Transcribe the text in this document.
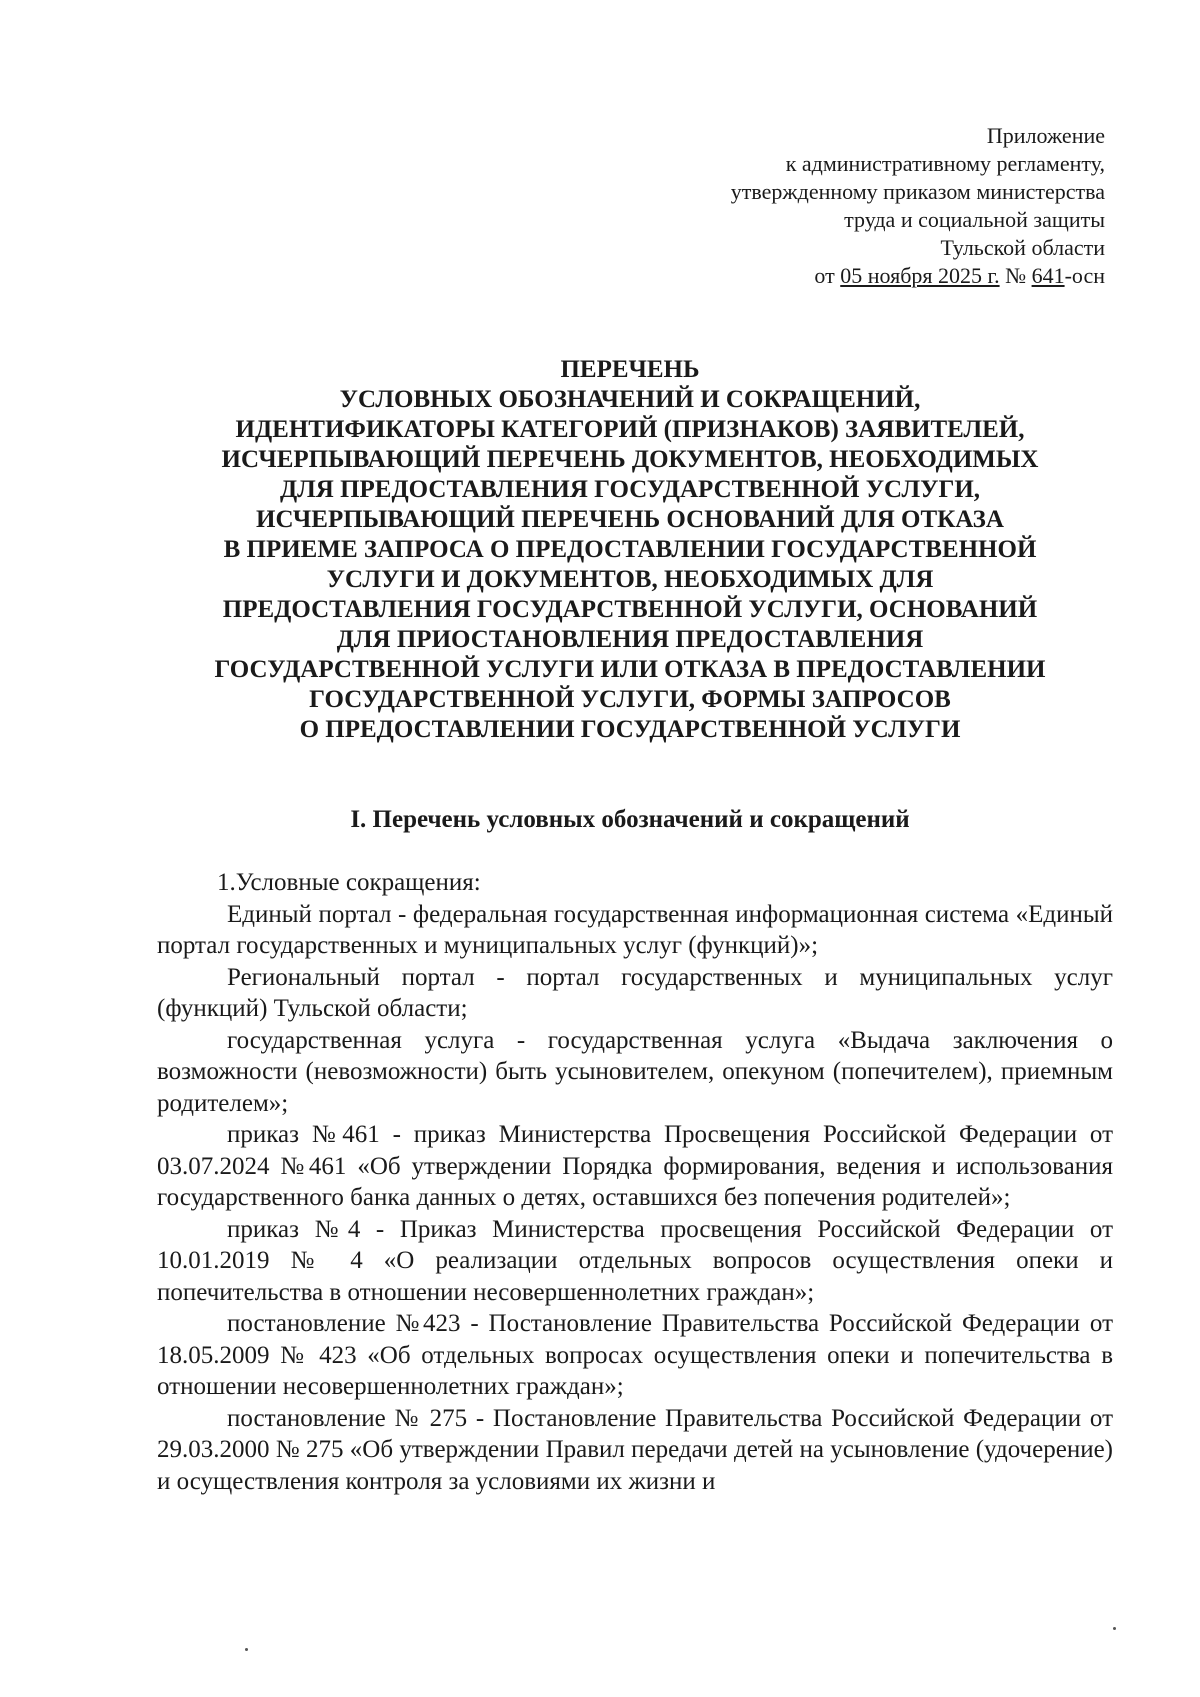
Приложение
к административному регламенту,
утвержденному приказом министерства
труда и социальной защиты
Тульской области
от 05 ноября 2025 г. № 641-осн
ПЕРЕЧЕНЬ
УСЛОВНЫХ ОБОЗНАЧЕНИЙ И СОКРАЩЕНИЙ,
ИДЕНТИФИКАТОРЫ КАТЕГОРИЙ (ПРИЗНАКОВ) ЗАЯВИТЕЛЕЙ,
ИСЧЕРПЫВАЮЩИЙ ПЕРЕЧЕНЬ ДОКУМЕНТОВ, НЕОБХОДИМЫХ
ДЛЯ ПРЕДОСТАВЛЕНИЯ ГОСУДАРСТВЕННОЙ УСЛУГИ,
ИСЧЕРПЫВАЮЩИЙ ПЕРЕЧЕНЬ ОСНОВАНИЙ ДЛЯ ОТКАЗА
В ПРИЕМЕ ЗАПРОСА О ПРЕДОСТАВЛЕНИИ ГОСУДАРСТВЕННОЙ
УСЛУГИ И ДОКУМЕНТОВ, НЕОБХОДИМЫХ ДЛЯ
ПРЕДОСТАВЛЕНИЯ ГОСУДАРСТВЕННОЙ УСЛУГИ, ОСНОВАНИЙ
ДЛЯ ПРИОСТАНОВЛЕНИЯ ПРЕДОСТАВЛЕНИЯ
ГОСУДАРСТВЕННОЙ УСЛУГИ ИЛИ ОТКАЗА В ПРЕДОСТАВЛЕНИИ
ГОСУДАРСТВЕННОЙ УСЛУГИ, ФОРМЫ ЗАПРОСОВ
О ПРЕДОСТАВЛЕНИИ ГОСУДАРСТВЕННОЙ УСЛУГИ
I. Перечень условных обозначений и сокращений

1.Условные сокращения:

Единый портал - федеральная государственная информационная система «Единый портал государственных и муниципальных услуг (функций)»;

Региональный портал - портал государственных и муниципальных услуг (функций) Тульской области;

государственная услуга - государственная услуга «Выдача заключения о возможности (невозможности) быть усыновителем, опекуном (попечителем), приемным родителем»;

приказ №461 - приказ Министерства Просвещения Российской Федерации от 03.07.2024 №461 «Об утверждении Порядка формирования, ведения и использования государственного банка данных о детях, оставшихся без попечения родителей»;

приказ №4 - Приказ Министерства просвещения Российской Федерации от 10.01.2019 № 4 «О реализации отдельных вопросов осуществления опеки и попечительства в отношении несовершеннолетних граждан»;

постановление №423 - Постановление Правительства Российской Федерации от 18.05.2009 № 423 «Об отдельных вопросах осуществления опеки и попечительства в отношении несовершеннолетних граждан»;

постановление № 275 - Постановление Правительства Российской Федерации от 29.03.2000 № 275 «Об утверждении Правил передачи детей на усыновление (удочерение) и осуществления контроля за условиями их жизни и
